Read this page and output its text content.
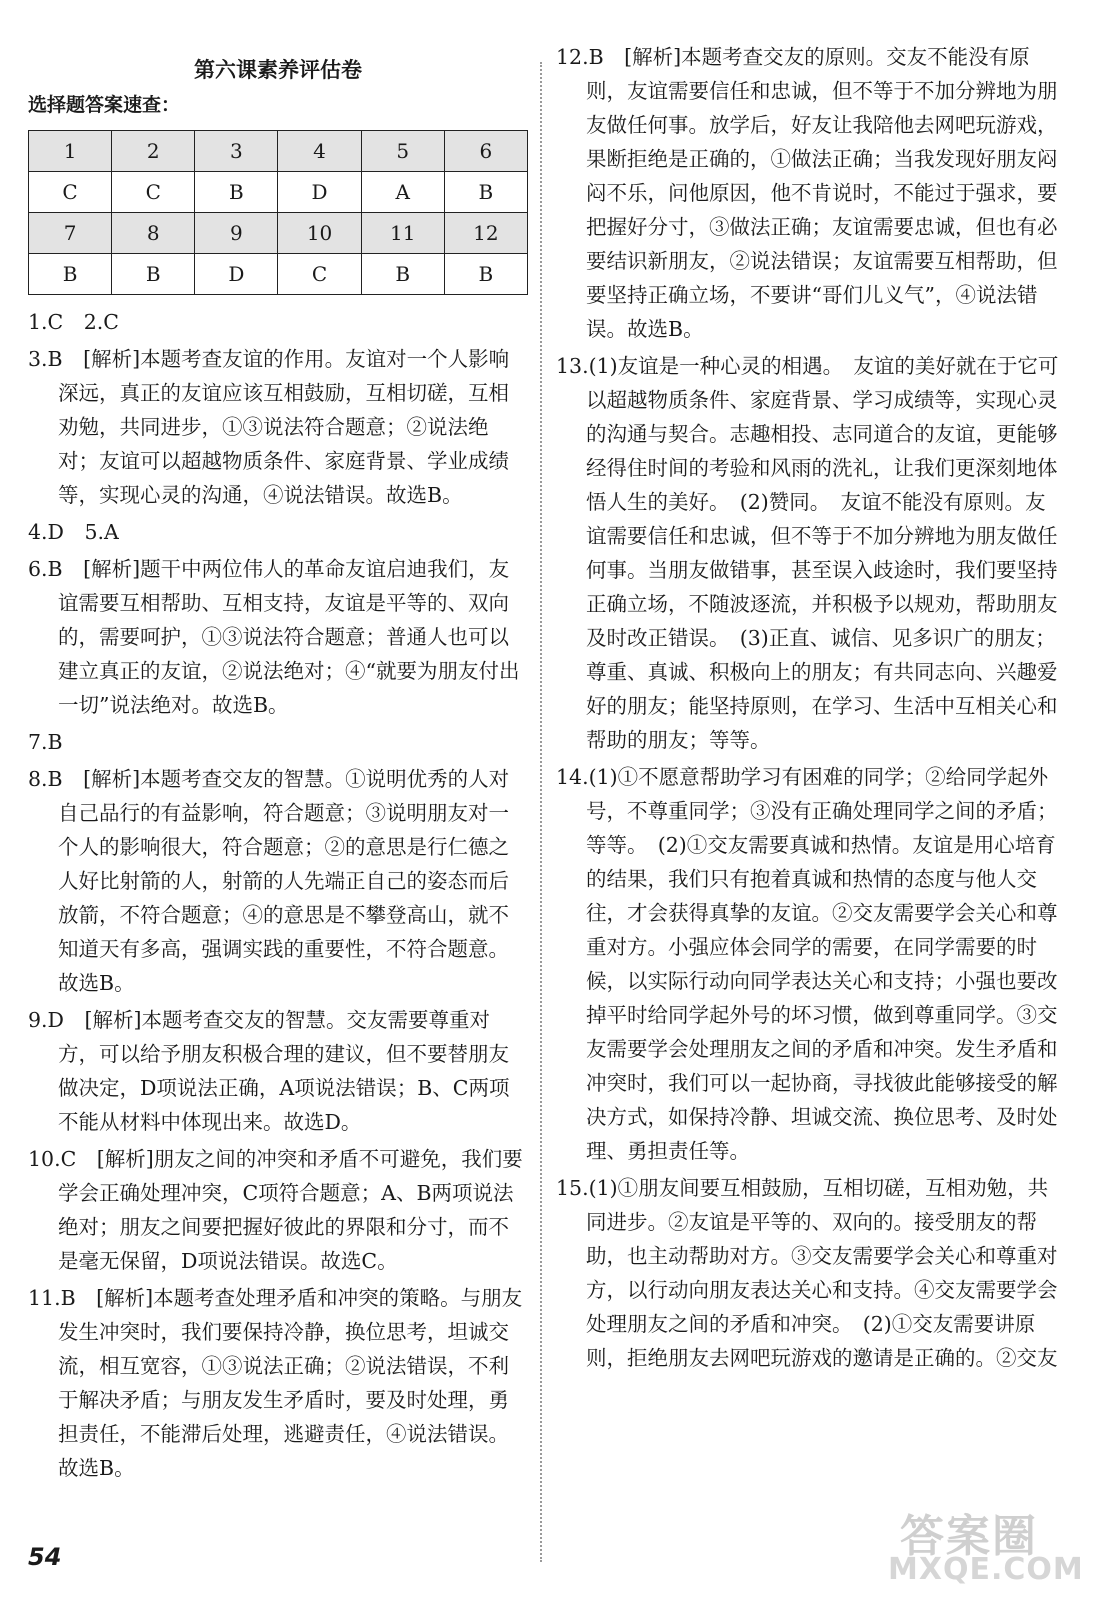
第六课素养评估卷
选择题答案速查：
1	2	3	4	5	6
C	C	B	D	A	B
7	8	9	10	11	12
B	B	D	C	B	B
1.C　2.C
3.B　[解析]本题考查友谊的作用。友谊对一个人影响深远，真正的友谊应该互相鼓励，互相切磋，互相劝勉，共同进步，①③说法符合题意；②说法绝对；友谊可以超越物质条件、家庭背景、学业成绩等，实现心灵的沟通，④说法错误。故选B。
4.D　5.A
6.B　[解析]题干中两位伟人的革命友谊启迪我们，友谊需要互相帮助、互相支持，友谊是平等的、双向的，需要呵护，①③说法符合题意；普通人也可以建立真正的友谊，②说法绝对；④“就要为朋友付出一切”说法绝对。故选B。
7.B
8.B　[解析]本题考查交友的智慧。①说明优秀的人对自己品行的有益影响，符合题意；③说明朋友对一个人的影响很大，符合题意；②的意思是行仁德之人好比射箭的人，射箭的人先端正自己的姿态而后放箭，不符合题意；④的意思是不攀登高山，就不知道天有多高，强调实践的重要性，不符合题意。故选B。
9.D　[解析]本题考查交友的智慧。交友需要尊重对方，可以给予朋友积极合理的建议，但不要替朋友做决定，D项说法正确，A项说法错误；B、C两项不能从材料中体现出来。故选D。
10.C　[解析]朋友之间的冲突和矛盾不可避免，我们要学会正确处理冲突，C项符合题意；A、B两项说法绝对；朋友之间要把握好彼此的界限和分寸，而不是毫无保留，D项说法错误。故选C。
11.B　[解析]本题考查处理矛盾和冲突的策略。与朋友发生冲突时，我们要保持冷静，换位思考，坦诚交流，相互宽容，①③说法正确；②说法错误，不利于解决矛盾；与朋友发生矛盾时，要及时处理，勇担责任，不能滞后处理，逃避责任，④说法错误。故选B。
12.B　[解析]本题考查交友的原则。交友不能没有原则，友谊需要信任和忠诚，但不等于不加分辨地为朋友做任何事。放学后，好友让我陪他去网吧玩游戏，果断拒绝是正确的，①做法正确；当我发现好朋友闷闷不乐，问他原因，他不肯说时，不能过于强求，要把握好分寸，③做法正确；友谊需要忠诚，但也有必要结识新朋友，②说法错误；友谊需要互相帮助，但要坚持正确立场，不要讲“哥们儿义气”，④说法错误。故选B。
13.(1)友谊是一种心灵的相遇。　友谊的美好就在于它可以超越物质条件、家庭背景、学习成绩等，实现心灵的沟通与契合。志趣相投、志同道合的友谊，更能够经得住时间的考验和风雨的洗礼，让我们更深刻地体悟人生的美好。　(2)赞同。　友谊不能没有原则。友谊需要信任和忠诚，但不等于不加分辨地为朋友做任何事。当朋友做错事，甚至误入歧途时，我们要坚持正确立场，不随波逐流，并积极予以规劝，帮助朋友及时改正错误。　(3)正直、诚信、见多识广的朋友；尊重、真诚、积极向上的朋友；有共同志向、兴趣爱好的朋友；能坚持原则，在学习、生活中互相关心和帮助的朋友；等等。
14.(1)①不愿意帮助学习有困难的同学；②给同学起外号，不尊重同学；③没有正确处理同学之间的矛盾；等等。　(2)①交友需要真诚和热情。友谊是用心培育的结果，我们只有抱着真诚和热情的态度与他人交往，才会获得真挚的友谊。②交友需要学会关心和尊重对方。小强应体会同学的需要，在同学需要的时候，以实际行动向同学表达关心和支持；小强也要改掉平时给同学起外号的坏习惯，做到尊重同学。③交友需要学会处理朋友之间的矛盾和冲突。发生矛盾和冲突时，我们可以一起协商，寻找彼此能够接受的解决方式，如保持冷静、坦诚交流、换位思考、及时处理、勇担责任等。
15.(1)①朋友间要互相鼓励，互相切磋，互相劝勉，共同进步。②友谊是平等的、双向的。接受朋友的帮助，也主动帮助对方。③交友需要学会关心和尊重对方，以行动向朋友表达关心和支持。④交友需要学会处理朋友之间的矛盾和冲突。　(2)①交友需要讲原则，拒绝朋友去网吧玩游戏的邀请是正确的。②交友
54	答案圈
MXQE.COM
